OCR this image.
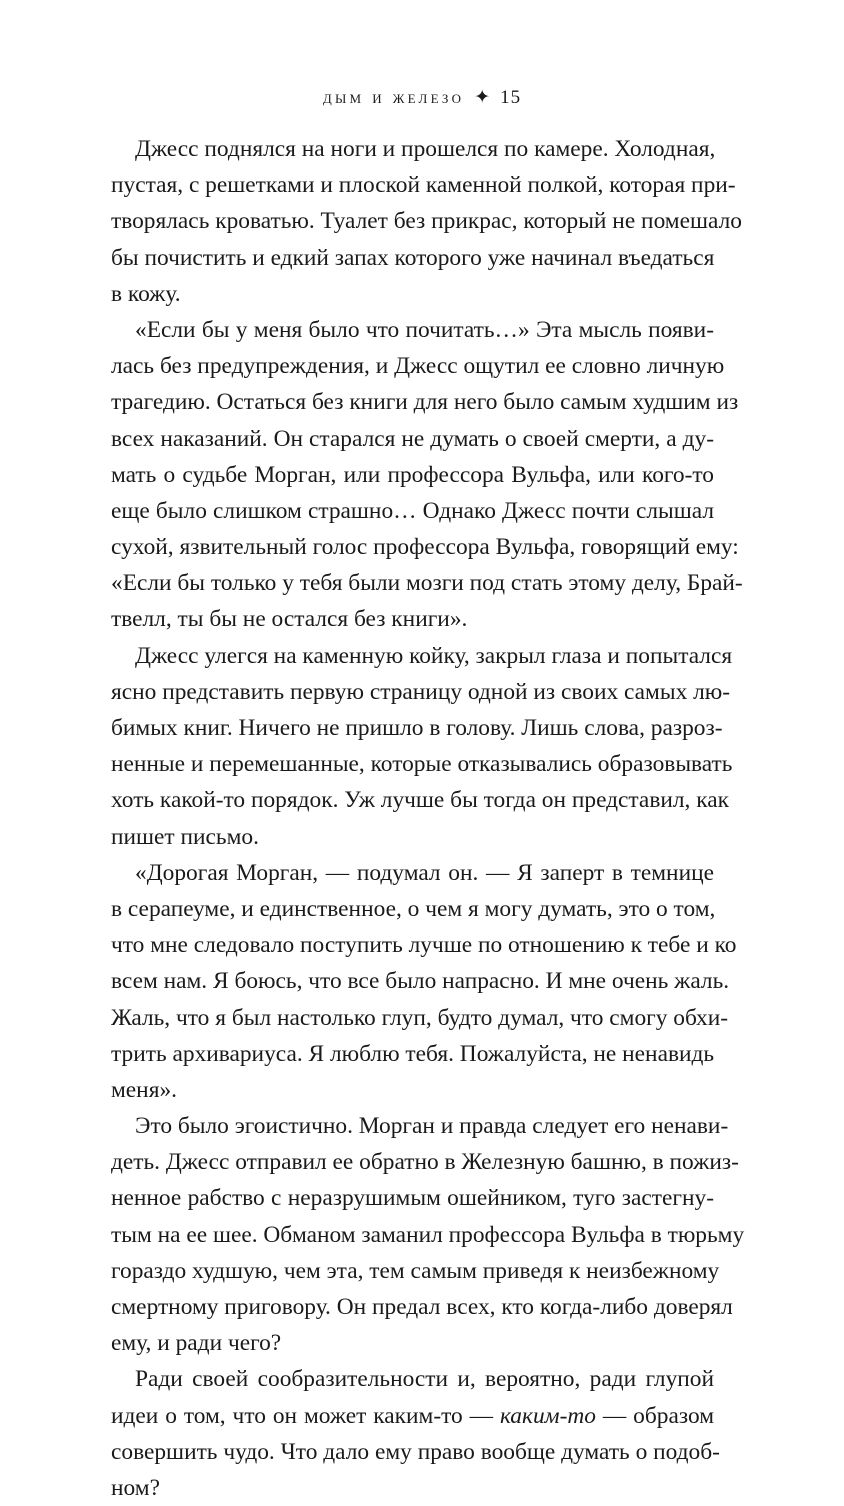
дым и железо ✦ 15
Джесс поднялся на ноги и прошелся по камере. Холодная,
пустая, с решетками и плоской каменной полкой, которая при-
творялась кроватью. Туалет без прикрас, который не помешало
бы почистить и едкий запах которого уже начинал въедаться
в кожу.
«Если бы у меня было что почитать…» Эта мысль появи-
лась без предупреждения, и Джесс ощутил ее словно личную
трагедию. Остаться без книги для него было самым худшим из
всех наказаний. Он старался не думать о своей смерти, а ду-
мать о судьбе Морган, или профессора Вульфа, или кого-то
еще было слишком страшно… Однако Джесс почти слышал
сухой, язвительный голос профессора Вульфа, говорящий ему:
«Если бы только у тебя были мозги под стать этому делу, Брай-
твелл, ты бы не остался без книги».
Джесс улегся на каменную койку, закрыл глаза и попытался
ясно представить первую страницу одной из своих самых лю-
бимых книг. Ничего не пришло в голову. Лишь слова, разроз-
ненные и перемешанные, которые отказывались образовывать
хоть какой-то порядок. Уж лучше бы тогда он представил, как
пишет письмо.
«Дорогая Морган, — подумал он. — Я заперт в темнице
в серапеуме, и единственное, о чем я могу думать, это о том,
что мне следовало поступить лучше по отношению к тебе и ко
всем нам. Я боюсь, что все было напрасно. И мне очень жаль.
Жаль, что я был настолько глуп, будто думал, что смогу обхи-
трить архивариуса. Я люблю тебя. Пожалуйста, не ненавидь
меня».
Это было эгоистично. Морган и правда следует его ненави-
деть. Джесс отправил ее обратно в Железную башню, в пожиз-
ненное рабство с неразрушимым ошейником, туго застегну-
тым на ее шее. Обманом заманил профессора Вульфа в тюрьму
гораздо худшую, чем эта, тем самым приведя к неизбежному
смертному приговору. Он предал всех, кто когда-либо доверял
ему, и ради чего?
Ради своей сообразительности и, вероятно, ради глупой
идеи о том, что он может каким-то — каким-то — образом
совершить чудо. Что дало ему право вообще думать о подоб-
ном?
